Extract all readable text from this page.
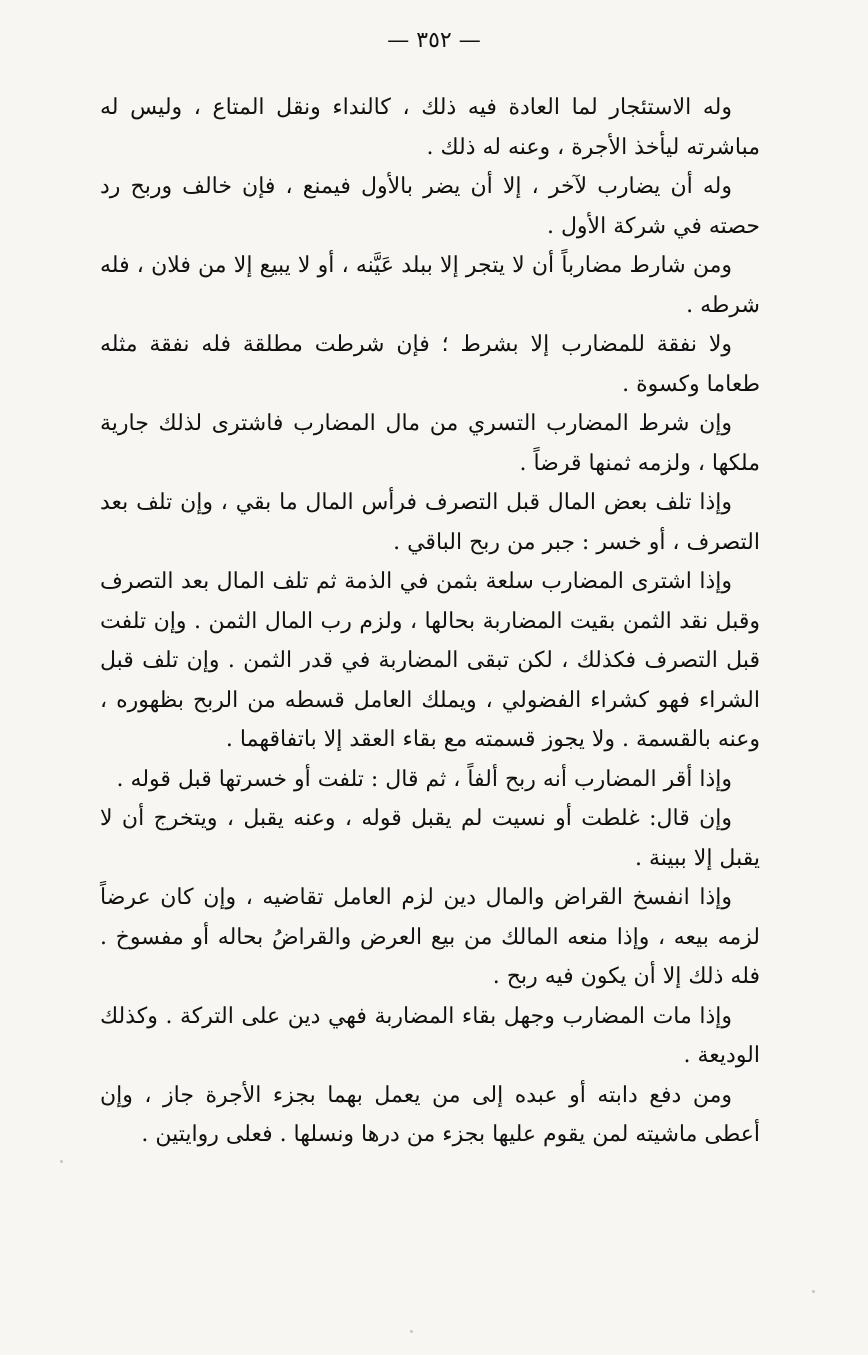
— ٣٥٢ —

وله الاستئجار لما العادة فيه ذلك ، كالنداء ونقل المتاع ، وليس له مباشرته ليأخذ الأجرة ، وعنه له ذلك .

وله أن يضارب لآخر ، إلا أن يضر بالأول فيمنع ، فإن خالف وربح رد حصته في شركة الأول .

ومن شارط مضارباً أن لا يتجر إلا ببلد عَيَّنه ، أو لا يبيع إلا من فلان ، فله شرطه .

ولا نفقة للمضارب إلا بشرط ؛ فإن شرطت مطلقة فله نفقة مثله طعاما وكسوة .

وإن شرط المضارب التسري من مال المضارب فاشترى لذلك جارية ملكها ، ولزمه ثمنها قرضاً .

وإذا تلف بعض المال قبل التصرف فرأس المال ما بقي ، وإن تلف بعد التصرف ، أو خسر : جبر من ربح الباقي .

وإذا اشترى المضارب سلعة بثمن في الذمة ثم تلف المال بعد التصرف وقبل نقد الثمن بقيت المضاربة بحالها ، ولزم رب المال الثمن . وإن تلفت قبل التصرف فكذلك ، لكن تبقى المضاربة في قدر الثمن . وإن تلف قبل الشراء فهو كشراء الفضولي ، ويملك العامل قسطه من الربح بظهوره ، وعنه بالقسمة . ولا يجوز قسمته مع بقاء العقد إلا باتفاقهما .

وإذا أقر المضارب أنه ربح ألفاً ، ثم قال : تلفت أو خسرتها قبل قوله .

وإن قال: غلطت أو نسيت لم يقبل قوله ، وعنه يقبل ، ويتخرج أن لا يقبل إلا ببينة .

وإذا انفسخ القراض والمال دين لزم العامل تقاضيه ، وإن كان عرضاً لزمه بيعه ، وإذا منعه المالك من بيع العرض والقراضُ بحاله أو مفسوخ . فله ذلك إلا أن يكون فيه ربح .

وإذا مات المضارب وجهل بقاء المضاربة فهي دين على التركة . وكذلك الوديعة .

ومن دفع دابته أو عبده إلى من يعمل بهما بجزء الأجرة جاز ، وإن أعطى ماشيته لمن يقوم عليها بجزء من درها ونسلها . فعلى روايتين .
